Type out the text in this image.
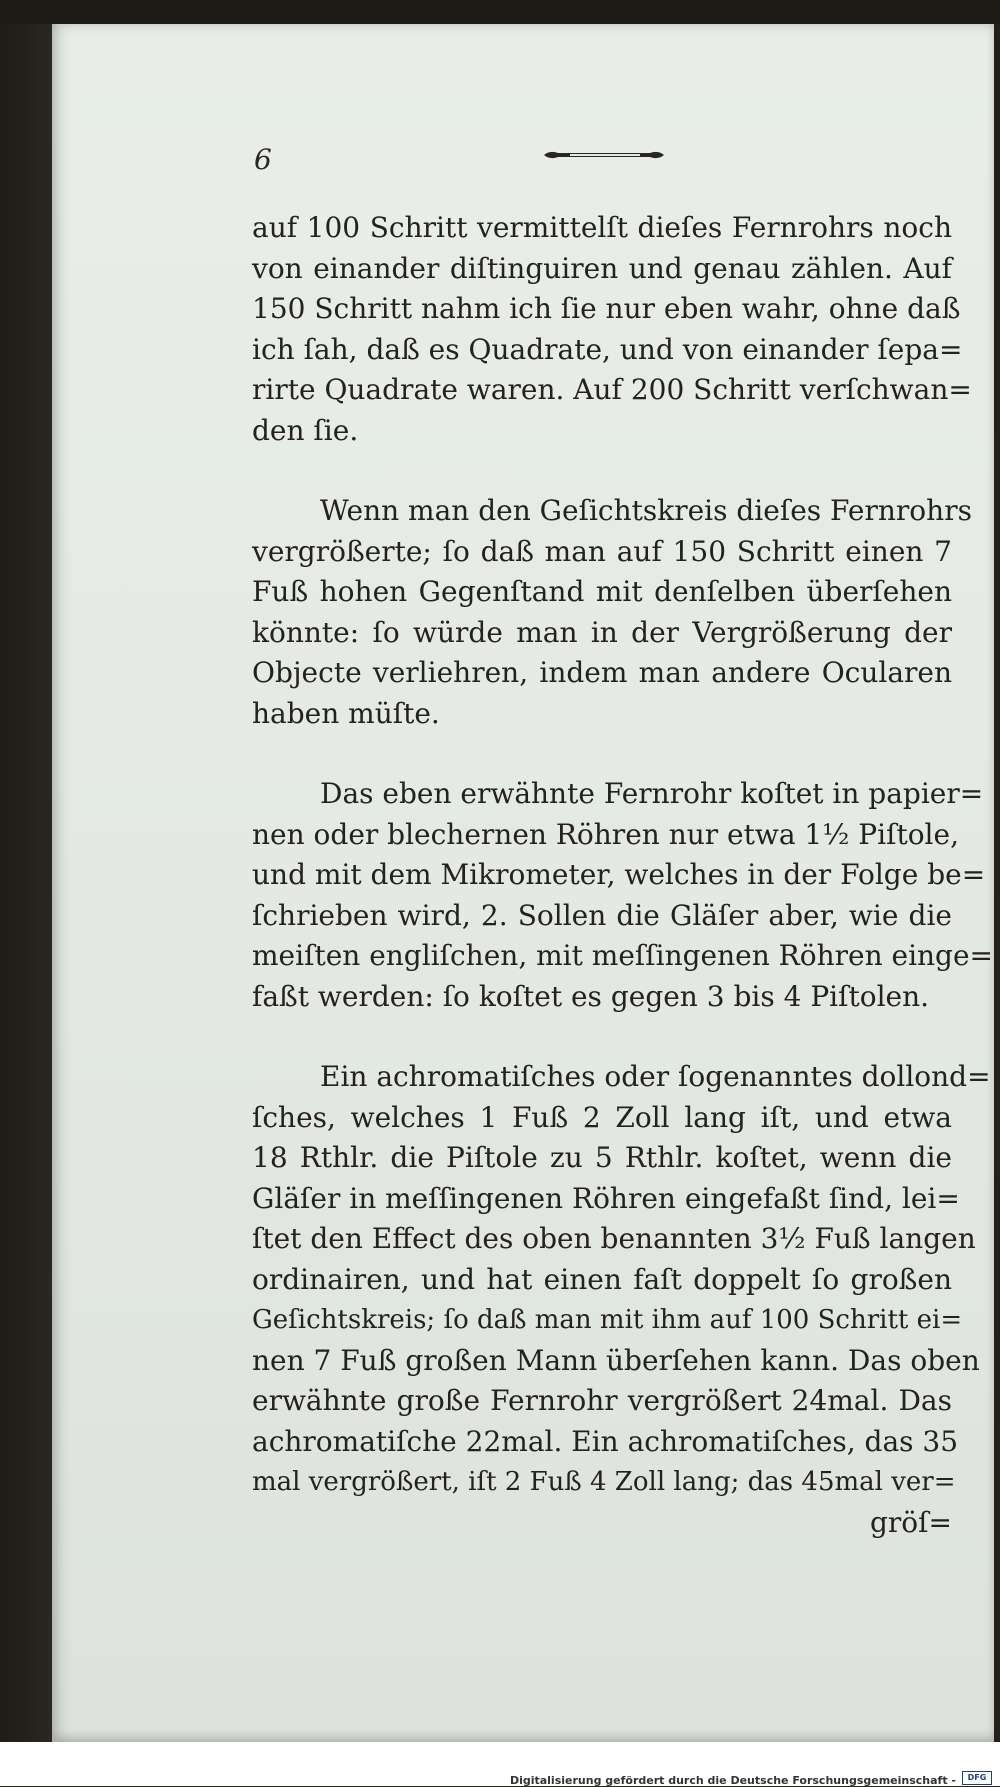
6
auf 100 Schritt vermittelſt dieſes Fernrohrs noch
von einander diſtinguiren und genau zählen. Auf
150 Schritt nahm ich ſie nur eben wahr, ohne daß
ich ſah, daß es Quadrate, und von einander ſepa=
rirte Quadrate waren. Auf 200 Schritt verſchwan=
den ſie.
Wenn man den Geſichtskreis dieſes Fernrohrs
vergrößerte; ſo daß man auf 150 Schritt einen 7
Fuß hohen Gegenſtand mit denſelben überſehen
könnte: ſo würde man in der Vergrößerung der
Objecte verliehren, indem man andere Ocularen
haben müſte.
Das eben erwähnte Fernrohr koſtet in papier=
nen oder blechernen Röhren nur etwa 1½ Piſtole,
und mit dem Mikrometer, welches in der Folge be=
ſchrieben wird, 2. Sollen die Gläſer aber, wie die
meiſten engliſchen, mit meſſingenen Röhren einge=
faßt werden: ſo koſtet es gegen 3 bis 4 Piſtolen.
Ein achromatiſches oder ſogenanntes dollond=
ſches, welches 1 Fuß 2 Zoll lang iſt, und etwa
18 Rthlr. die Piſtole zu 5 Rthlr. koſtet, wenn die
Gläſer in meſſingenen Röhren eingefaßt ſind, lei=
ſtet den Effect des oben benannten 3½ Fuß langen
ordinairen, und hat einen faſt doppelt ſo großen
Geſichtskreis; ſo daß man mit ihm auf 100 Schritt ei=
nen 7 Fuß großen Mann überſehen kann. Das oben
erwähnte große Fernrohr vergrößert 24mal. Das
achromatiſche 22mal. Ein achromatiſches, das 35
mal vergrößert, iſt 2 Fuß 4 Zoll lang; das 45mal ver=
gröſ=
Digitalisierung gefördert durch die Deutsche Forschungsgemeinschaft -	DFG
